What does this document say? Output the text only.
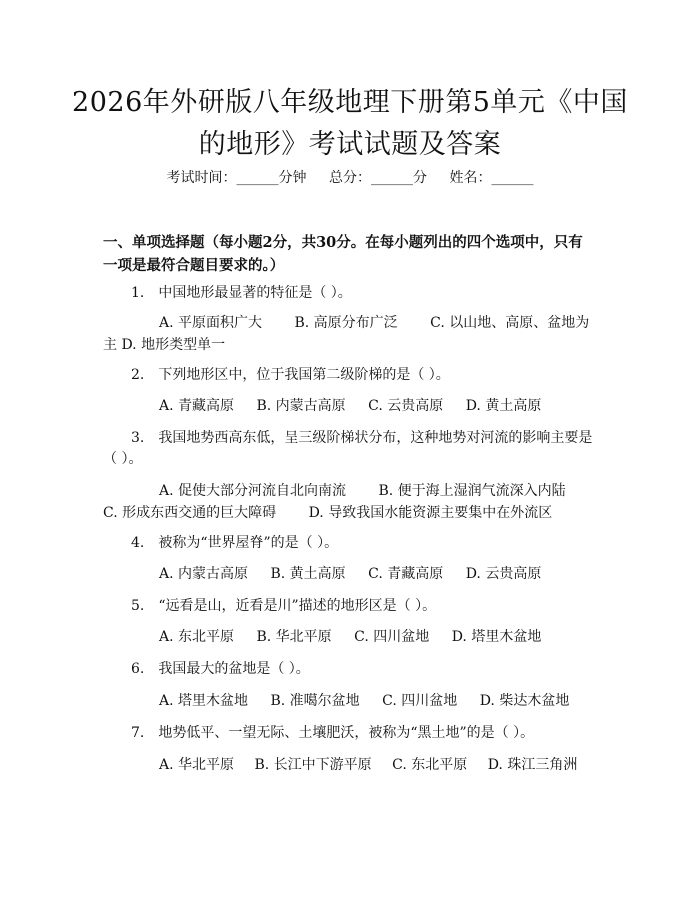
2026年外研版八年级地理下册第5单元《中国的地形》考试试题及答案
考试时间：______分钟 总分：______分 姓名：______
一、单项选择题（每小题2分，共30分。在每小题列出的四个选项中，只有一项是最符合题目要求的。）
1.　中国地形最显著的特征是（ ）。
A. 平原面积广大　　 B. 高原分布广泛　　 C. 以山地、高原、盆地为主 D. 地形类型单一
2.　下列地形区中，位于我国第二级阶梯的是（ ）。
A. 青藏高原 B. 内蒙古高原 C. 云贵高原 D. 黄土高原
3.　我国地势西高东低，呈三级阶梯状分布，这种地势对河流的影响主要是（ ）。
A. 促使大部分河流自北向南流　　 B. 便于海上湿润气流深入内陆　　 C. 形成东西交通的巨大障碍　　 D. 导致我国水能资源主要集中在外流区
4.　被称为“世界屋脊”的是（ ）。
A. 内蒙古高原 B. 黄土高原 C. 青藏高原 D. 云贵高原
5.　“远看是山，近看是川”描述的地形区是（ ）。
A. 东北平原 B. 华北平原 C. 四川盆地 D. 塔里木盆地
6.　我国最大的盆地是（ ）。
A. 塔里木盆地 B. 准噶尔盆地 C. 四川盆地 D. 柴达木盆地
7.　地势低平、一望无际、土壤肥沃，被称为“黑土地”的是（ ）。
A. 华北平原 B. 长江中下游平原 C. 东北平原 D. 珠江三角洲
